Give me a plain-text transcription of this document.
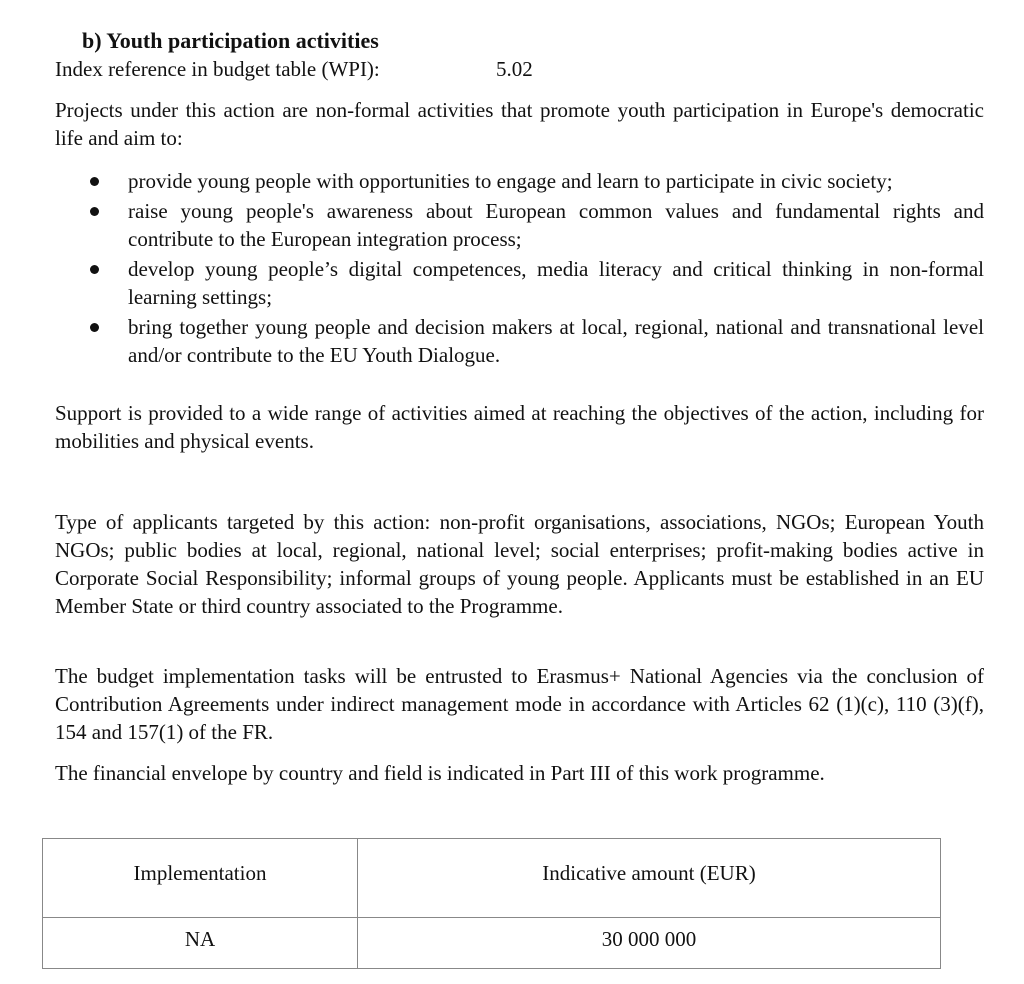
b) Youth participation activities
Index reference in budget table (WPI):	5.02
Projects under this action are non-formal activities that promote youth participation in Europe's democratic life and aim to:
provide young people with opportunities to engage and learn to participate in civic society;
raise young people's awareness about European common values and fundamental rights and contribute to the European integration process;
develop young people’s digital competences, media literacy and critical thinking in non-formal learning settings;
bring together young people and decision makers at local, regional, national and transnational level and/or contribute to the EU Youth Dialogue.
Support is provided to a wide range of activities aimed at reaching the objectives of the action, including for mobilities and physical events.
Type of applicants targeted by this action: non-profit organisations, associations, NGOs; European Youth NGOs; public bodies at local, regional, national level; social enterprises; profit-making bodies active in Corporate Social Responsibility; informal groups of young people. Applicants must be established in an EU Member State or third country associated to the Programme.
The budget implementation tasks will be entrusted to Erasmus+ National Agencies via the conclusion of Contribution Agreements under indirect management mode in accordance with Articles 62 (1)(c), 110 (3)(f), 154 and 157(1) of the FR.
The financial envelope by country and field is indicated in Part III of this work programme.
Implementation	Indicative amount (EUR)
NA	30 000 000
